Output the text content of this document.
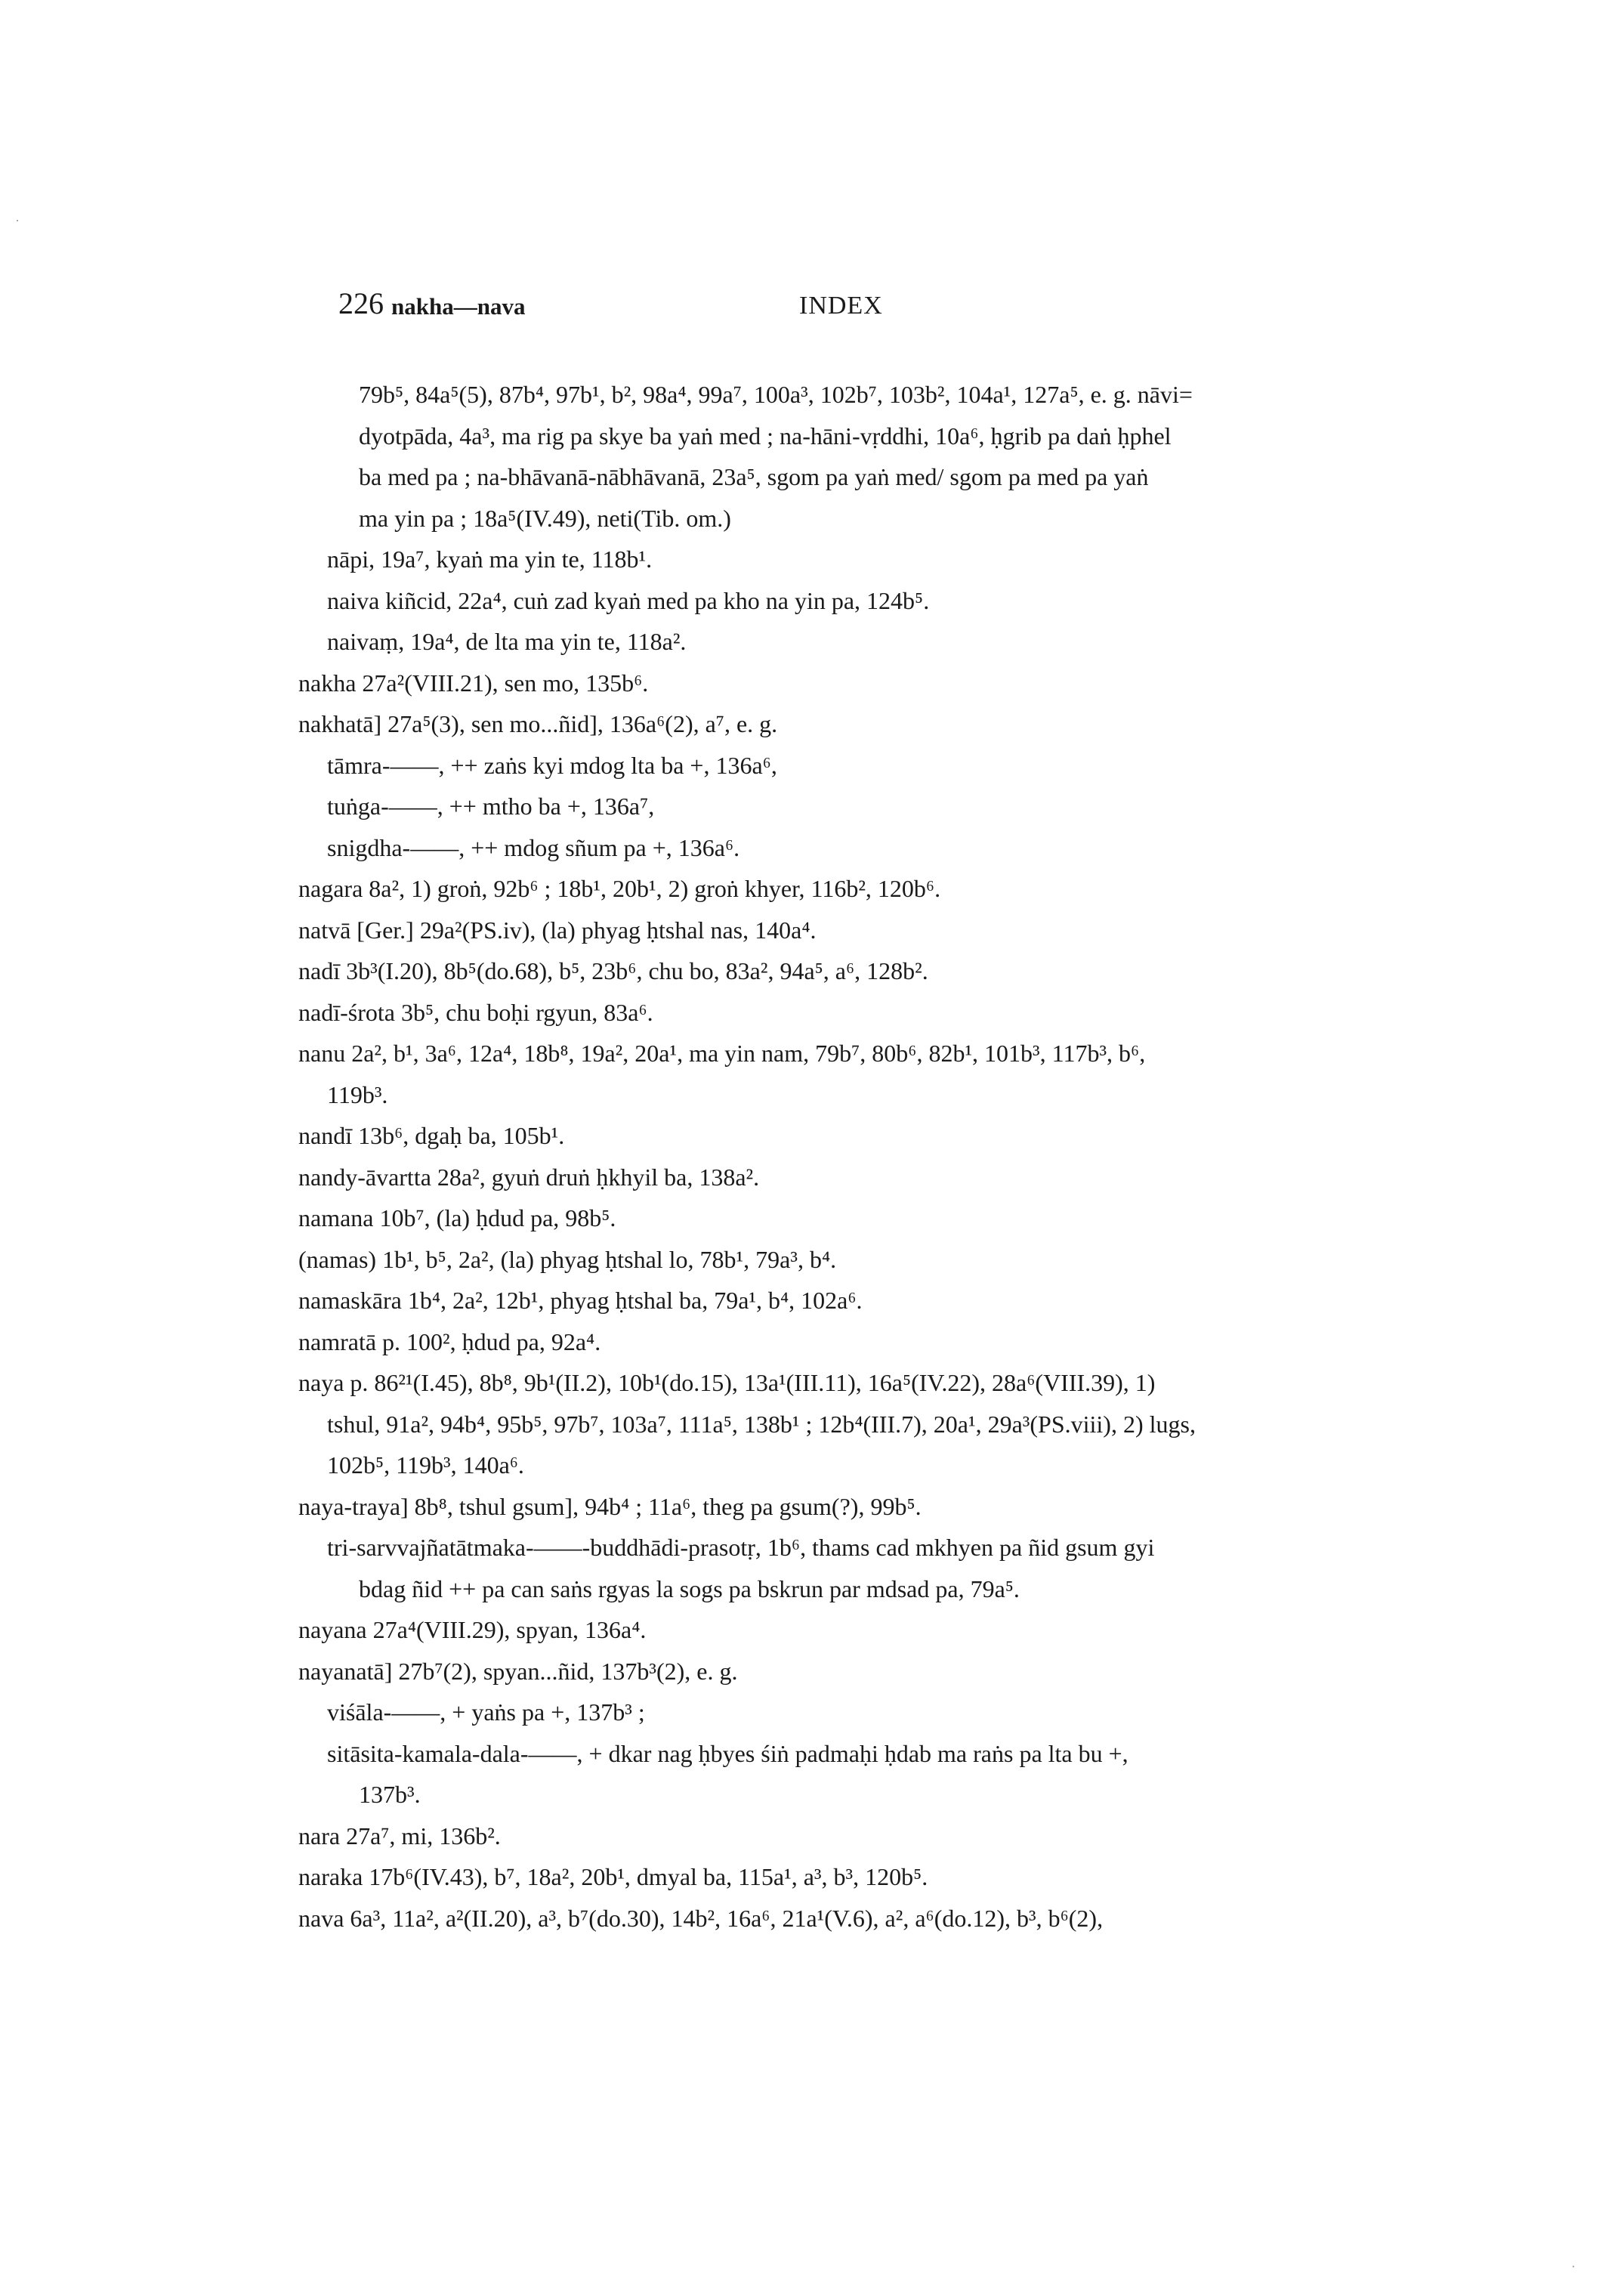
226 nakha—nava	INDEX
79b⁵, 84a⁵(5), 87b⁴, 97b¹, b², 98a⁴, 99a⁷, 100a³, 102b⁷, 103b², 104a¹, 127a⁵, e. g. nāvi=
dyotpāda, 4a³, ma rig pa skye ba yaṅ med ; na-hāni-vṛddhi, 10a⁶, ḥgrib pa daṅ ḥphel
ba med pa ; na-bhāvanā-nābhāvanā, 23a⁵, sgom pa yaṅ med/ sgom pa med pa yaṅ
ma yin pa ; 18a⁵(IV.49), neti(Tib. om.)
nāpi, 19a⁷, kyaṅ ma yin te, 118b¹.
naiva kiñcid, 22a⁴, cuṅ zad kyaṅ med pa kho na yin pa, 124b⁵.
naivaṃ, 19a⁴, de lta ma yin te, 118a².
nakha 27a²(VIII.21), sen mo, 135b⁶.
nakhatā] 27a⁵(3), sen mo...ñid], 136a⁶(2), a⁷, e. g.
tāmra-——, ++ zaṅs kyi mdog lta ba +, 136a⁶,
tuṅga-——, ++ mtho ba +, 136a⁷,
snigdha-——, ++ mdog sñum pa +, 136a⁶.
nagara 8a², 1) groṅ, 92b⁶ ; 18b¹, 20b¹, 2) groṅ khyer, 116b², 120b⁶.
natvā [Ger.] 29a²(PS.iv), (la) phyag ḥtshal nas, 140a⁴.
nadī 3b³(I.20), 8b⁵(do.68), b⁵, 23b⁶, chu bo, 83a², 94a⁵, a⁶, 128b².
nadī-śrota 3b⁵, chu boḥi rgyun, 83a⁶.
nanu 2a², b¹, 3a⁶, 12a⁴, 18b⁸, 19a², 20a¹, ma yin nam, 79b⁷, 80b⁶, 82b¹, 101b³, 117b³, b⁶,
119b³.
nandī 13b⁶, dgaḥ ba, 105b¹.
nandy-āvartta 28a², gyuṅ druṅ ḥkhyil ba, 138a².
namana 10b⁷, (la) ḥdud pa, 98b⁵.
(namas) 1b¹, b⁵, 2a², (la) phyag ḥtshal lo, 78b¹, 79a³, b⁴.
namaskāra 1b⁴, 2a², 12b¹, phyag ḥtshal ba, 79a¹, b⁴, 102a⁶.
namratā p. 100², ḥdud pa, 92a⁴.
naya p. 86²¹(I.45), 8b⁸, 9b¹(II.2), 10b¹(do.15), 13a¹(III.11), 16a⁵(IV.22), 28a⁶(VIII.39), 1)
tshul, 91a², 94b⁴, 95b⁵, 97b⁷, 103a⁷, 111a⁵, 138b¹ ; 12b⁴(III.7), 20a¹, 29a³(PS.viii), 2) lugs,
102b⁵, 119b³, 140a⁶.
naya-traya] 8b⁸, tshul gsum], 94b⁴ ; 11a⁶, theg pa gsum(?), 99b⁵.
tri-sarvvajñatātmaka-——-buddhādi-prasotṛ, 1b⁶, thams cad mkhyen pa ñid gsum gyi
bdag ñid ++ pa can saṅs rgyas la sogs pa bskrun par mdsad pa, 79a⁵.
nayana 27a⁴(VIII.29), spyan, 136a⁴.
nayanatā] 27b⁷(2), spyan...ñid, 137b³(2), e. g.
viśāla-——, + yaṅs pa +, 137b³ ;
sitāsita-kamala-dala-——, + dkar nag ḥbyes śiṅ padmaḥi ḥdab ma raṅs pa lta bu +,
137b³.
nara 27a⁷, mi, 136b².
naraka 17b⁶(IV.43), b⁷, 18a², 20b¹, dmyal ba, 115a¹, a³, b³, 120b⁵.
nava 6a³, 11a², a²(II.20), a³, b⁷(do.30), 14b², 16a⁶, 21a¹(V.6), a², a⁶(do.12), b³, b⁶(2),
·
·
